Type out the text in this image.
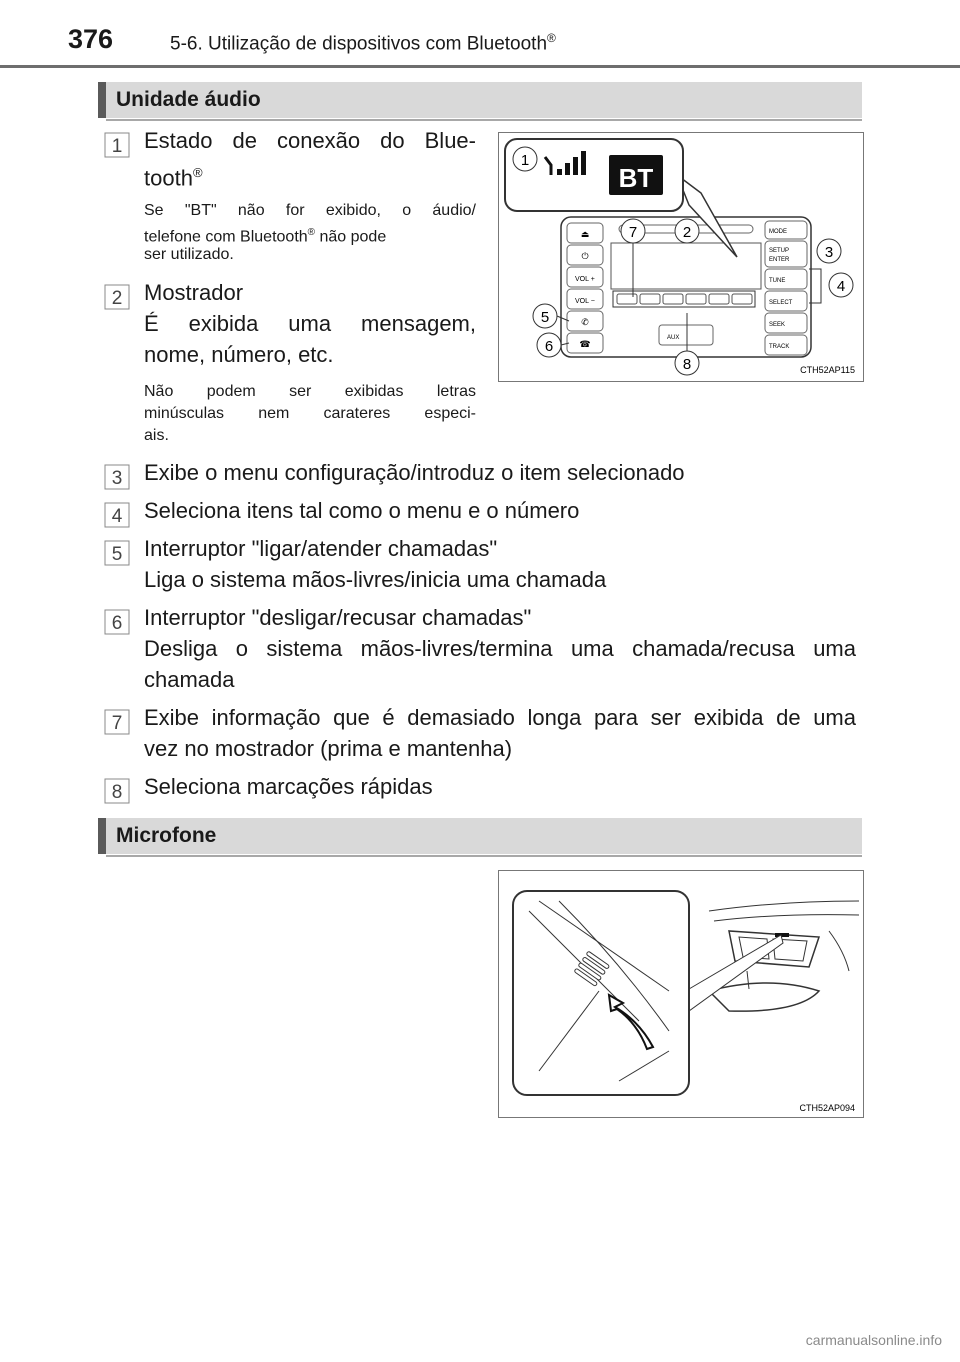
376	5-6. Utilização de dispositivos com Bluetooth®
Unidade áudio
1 Estado de conexão do Blue-
tooth®
Se "BT" não for exibido, o áudio/
telefone com Bluetooth® não pode
ser utilizado.
2 Mostrador
É exibida uma mensagem,
nome, número, etc.
Não podem ser exibidas letras
minúsculas nem carateres especi-
ais.
⏏
⏻
VOL +
VOL −
✆
☎
AUX
MODE
SETUP
ENTER
TUNE
SELECT
SEEK
TRACK
BT
1
2
3
4
5
6
7
8	CTH52AP115
3 Exibe o menu configuração/introduz o item selecionado
4 Seleciona itens tal como o menu e o número
5 Interruptor "ligar/atender chamadas"
Liga o sistema mãos-livres/inicia uma chamada
6 Interruptor "desligar/recusar chamadas"
Desliga o sistema mãos-livres/termina uma chamada/recusa uma
chamada
7 Exibe informação que é demasiado longa para ser exibida de uma
vez no mostrador (prima e mantenha)
8 Seleciona marcações rápidas
Microfone
CTH52AP094
carmanualsonline.info
